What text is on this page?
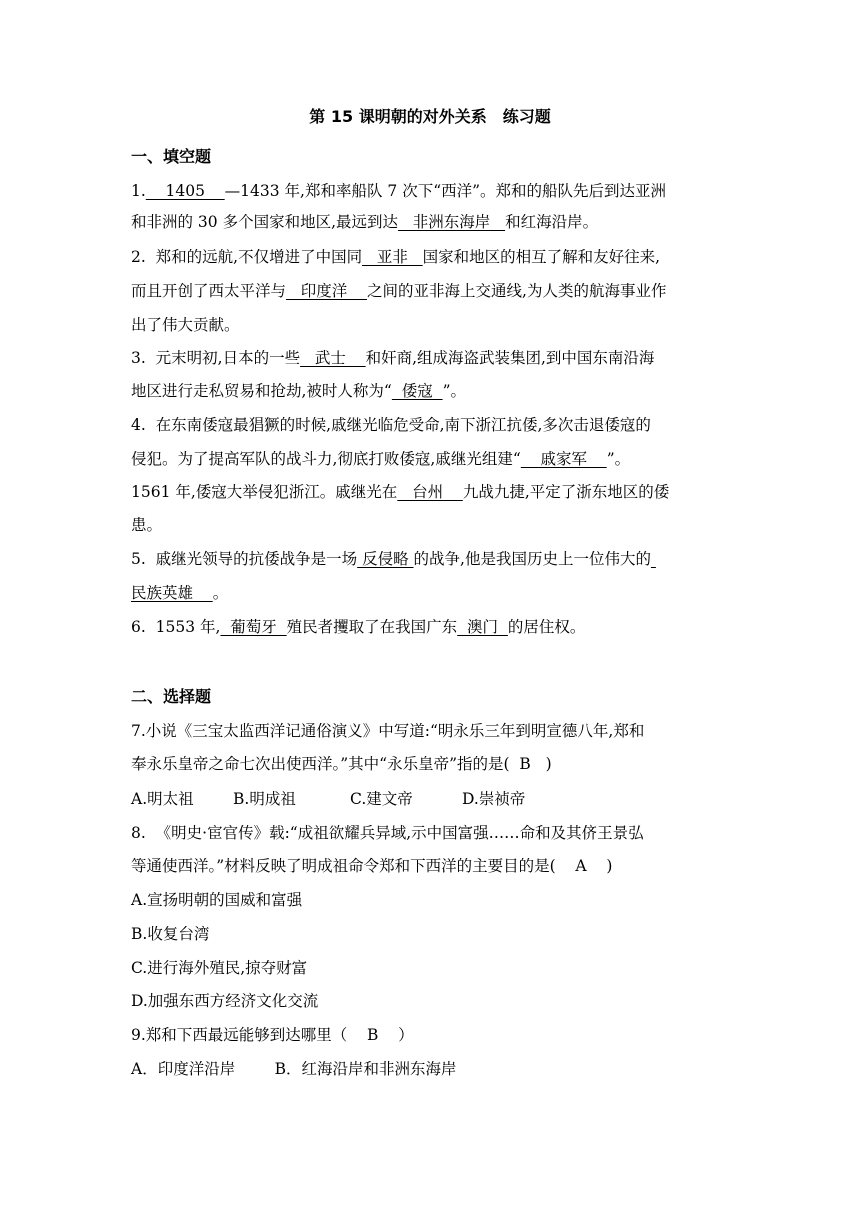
第 15 课明朝的对外关系　练习题
一、填空题
1.    1405    —1433 年,郑和率船队 7 次下“西洋”。郑和的船队先后到达亚洲
和非洲的 30 多个国家和地区,最远到达   非洲东海岸   和红海沿岸。
2.  郑和的远航,不仅增进了中国同   亚非   国家和地区的相互了解和友好往来,
而且开创了西太平洋与   印度洋    之间的亚非海上交通线,为人类的航海事业作
出了伟大贡献。
3.  元末明初,日本的一些   武士    和奸商,组成海盗武装集团,到中国东南沿海
地区进行走私贸易和抢劫,被时人称为“  倭寇  ”。
4.  在东南倭寇最猖獗的时候,戚继光临危受命,南下浙江抗倭,多次击退倭寇的
侵犯。为了提高军队的战斗力,彻底打败倭寇,戚继光组建“    戚家军    ”。
1561 年,倭寇大举侵犯浙江。戚继光在   台州    九战九捷,平定了浙东地区的倭
患。
5.  戚继光领导的抗倭战争是一场 反侵略 的战争,他是我国历史上一位伟大的
民族英雄    。
6.  1553 年,  葡萄牙  殖民者攫取了在我国广东  澳门  的居住权。
二、选择题
7.小说《三宝太监西洋记通俗演义》中写道:“明永乐三年到明宣德八年,郑和
奉永乐皇帝之命七次出使西洋。”其中“永乐皇帝”指的是(  B   )
A.明太祖        B.明成祖           C.建文帝          D.崇祯帝
8.  《明史·宦官传》载:“成祖欲耀兵异域,示中国富强……命和及其侪王景弘
等通使西洋。”材料反映了明成祖命令郑和下西洋的主要目的是(    A    )
A.宣扬明朝的国威和富强
B.收复台湾
C.进行海外殖民,掠夺财富
D.加强东西方经济文化交流
9.郑和下西最远能够到达哪里（    B    ）
A．印度洋沿岸        B．红海沿岸和非洲东海岸
